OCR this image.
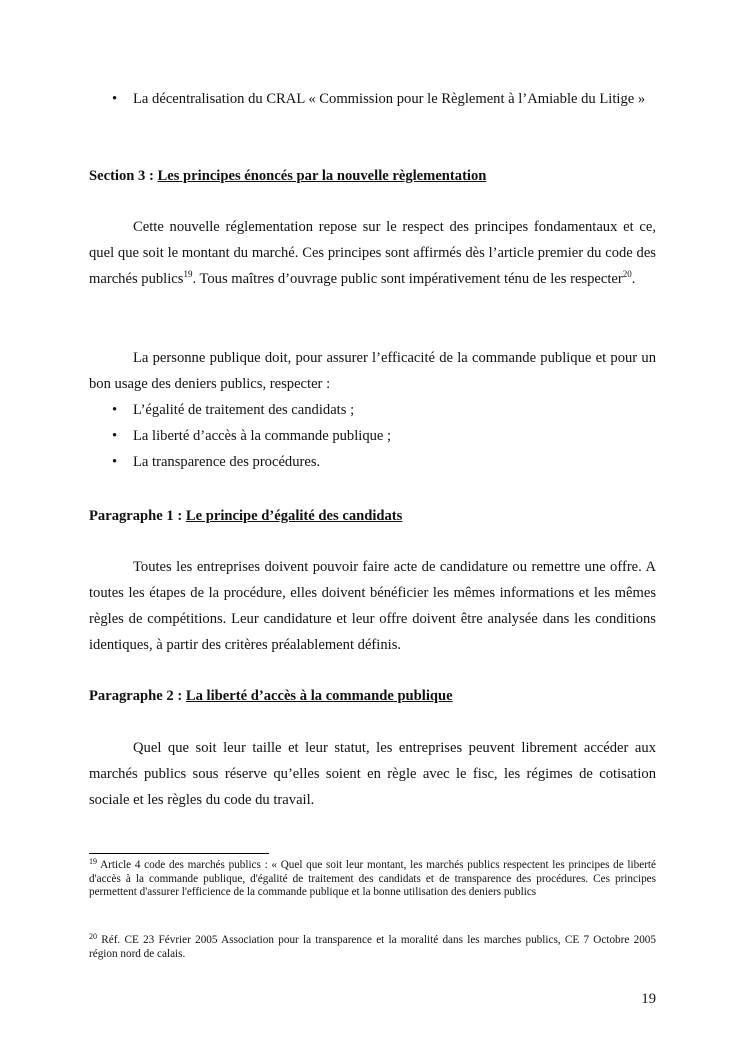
•	La décentralisation du CRAL « Commission pour le Règlement à l’Amiable du Litige »
Section 3 : Les principes énoncés par la nouvelle règlementation
Cette nouvelle réglementation repose sur le respect des principes fondamentaux et ce, quel que soit le montant du marché. Ces principes sont affirmés dès l’article premier du code des marchés publics$^{19}$. Tous maîtres d’ouvrage public sont impérativement ténu de les respecter$^{20}$.
La personne publique doit, pour assurer l’efficacité de la commande publique et pour un bon usage des deniers publics, respecter :
•	L’égalité de traitement des candidats ;
•	La liberté d’accès à la commande publique ;
•	La transparence des procédures.
Paragraphe 1 : Le principe d’égalité des candidats
Toutes les entreprises doivent pouvoir faire acte de candidature ou remettre une offre. A toutes les étapes de la procédure, elles doivent bénéficier les mêmes informations et les mêmes règles de compétitions. Leur candidature et leur offre doivent être analysée dans les conditions identiques, à partir des critères préalablement définis.
Paragraphe 2 : La liberté d’accès à la commande publique
Quel que soit leur taille et leur statut, les entreprises peuvent librement accéder aux marchés publics sous réserve qu’elles soient en règle avec le fisc, les régimes de cotisation sociale et les règles du code du travail.
$^{19}$ Article 4 code des marchés publics : « Quel que soit leur montant, les marchés publics respectent les principes de liberté d'accès à la commande publique, d'égalité de traitement des candidats et de transparence des procédures. Ces principes permettent d'assurer l'efficience de la commande publique et la bonne utilisation des deniers publics
$^{20}$ Réf. CE 23 Février 2005 Association pour la transparence et la moralité dans les marches publics, CE 7 Octobre 2005 région nord de calais.
19
